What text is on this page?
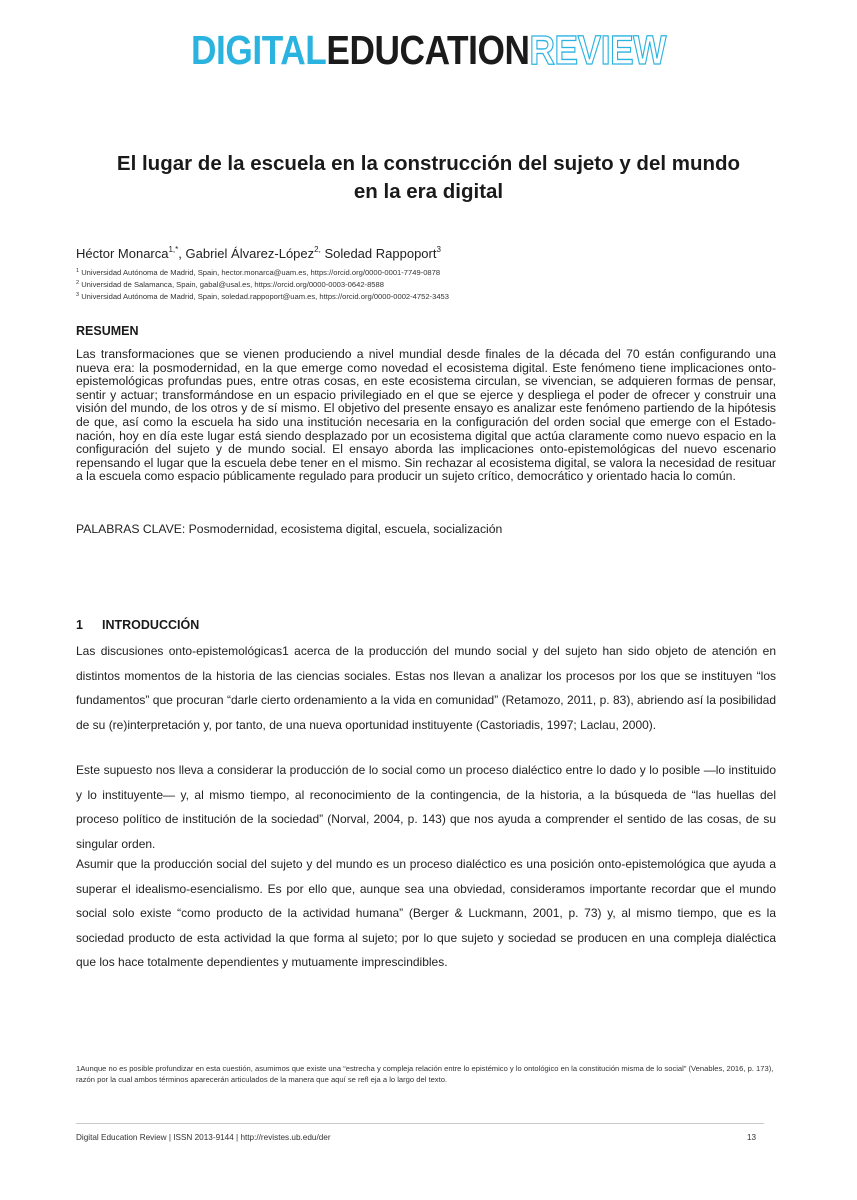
DIGITALEDUCATIONREVIEW
El lugar de la escuela en la construcción del sujeto y del mundo
en la era digital
Héctor Monarca$^{1,*}$, Gabriel Álvarez-López$^{2,}$ Soledad Rappoport$^3$
$^1$ Universidad Autónoma de Madrid, Spain, hector.monarca@uam.es, https://orcid.org/0000-0001-7749-0878
$^2$ Universidad de Salamanca, Spain, gabal@usal.es, https://orcid.org/0000-0003-0642-8588
$^3$ Universidad Autónoma de Madrid, Spain, soledad.rappoport@uam.es, https://orcid.org/0000-0002-4752-3453
RESUMEN

Las transformaciones que se vienen produciendo a nivel mundial desde finales de la década del 70 están configurando una nueva era: la posmodernidad, en la que emerge como novedad el ecosistema digital. Este fenómeno tiene implicaciones onto-epistemológicas profundas pues, entre otras cosas, en este ecosistema circulan, se vivencian, se adquieren formas de pensar, sentir y actuar; transformándose en un espacio privilegiado en el que se ejerce y despliega el poder de ofrecer y construir una visión del mundo, de los otros y de sí mismo. El objetivo del presente ensayo es analizar este fenómeno partiendo de la hipótesis de que, así como la escuela ha sido una institución necesaria en la configuración del orden social que emerge con el Estado-nación, hoy en día este lugar está siendo desplazado por un ecosistema digital que actúa claramente como nuevo espacio en la configuración del sujeto y de mundo social. El ensayo aborda las implicaciones onto-epistemológicas del nuevo escenario repensando el lugar que la escuela debe tener en el mismo. Sin rechazar al ecosistema digital, se valora la necesidad de resituar a la escuela como espacio públicamente regulado para producir un sujeto crítico, democrático y orientado hacia lo común.

PALABRAS CLAVE: Posmodernidad, ecosistema digital, escuela, socialización
1 INTRODUCCIÓN

Las discusiones onto-epistemológicas1 acerca de la producción del mundo social y del sujeto han sido objeto de atención en distintos momentos de la historia de las ciencias sociales. Estas nos llevan a analizar los procesos por los que se instituyen “los fundamentos” que procuran “darle cierto ordenamiento a la vida en comunidad” (Retamozo, 2011, p. 83), abriendo así la posibilidad de su (re)interpretación y, por tanto, de una nueva oportunidad instituyente (Castoriadis, 1997; Laclau, 2000).

Este supuesto nos lleva a considerar la producción de lo social como un proceso dialéctico entre lo dado y lo posible —lo instituido y lo instituyente— y, al mismo tiempo, al reconocimiento de la contingencia, de la historia, a la búsqueda de “las huellas del proceso político de institución de la sociedad” (Norval, 2004, p. 143) que nos ayuda a comprender el sentido de las cosas, de su singular orden.

Asumir que la producción social del sujeto y del mundo es un proceso dialéctico es una posición onto-epistemológica que ayuda a superar el idealismo-esencialismo. Es por ello que, aunque sea una obviedad, consideramos importante recordar que el mundo social solo existe “como producto de la actividad humana” (Berger & Luckmann, 2001, p. 73) y, al mismo tiempo, que es la sociedad producto de esta actividad la que forma al sujeto; por lo que sujeto y sociedad se producen en una compleja dialéctica que los hace totalmente dependientes y mutuamente imprescindibles.

1Aunque no es posible profundizar en esta cuestión, asumimos que existe una “estrecha y compleja relación entre lo epistémico y lo ontológico en la constitución misma de lo social” (Venables, 2016, p. 173), razón por la cual ambos términos aparecerán articulados de la manera que aquí se refl eja a lo largo del texto.

Digital Education Review | ISSN 2013-9144 | http://revistes.ub.edu/der	13
